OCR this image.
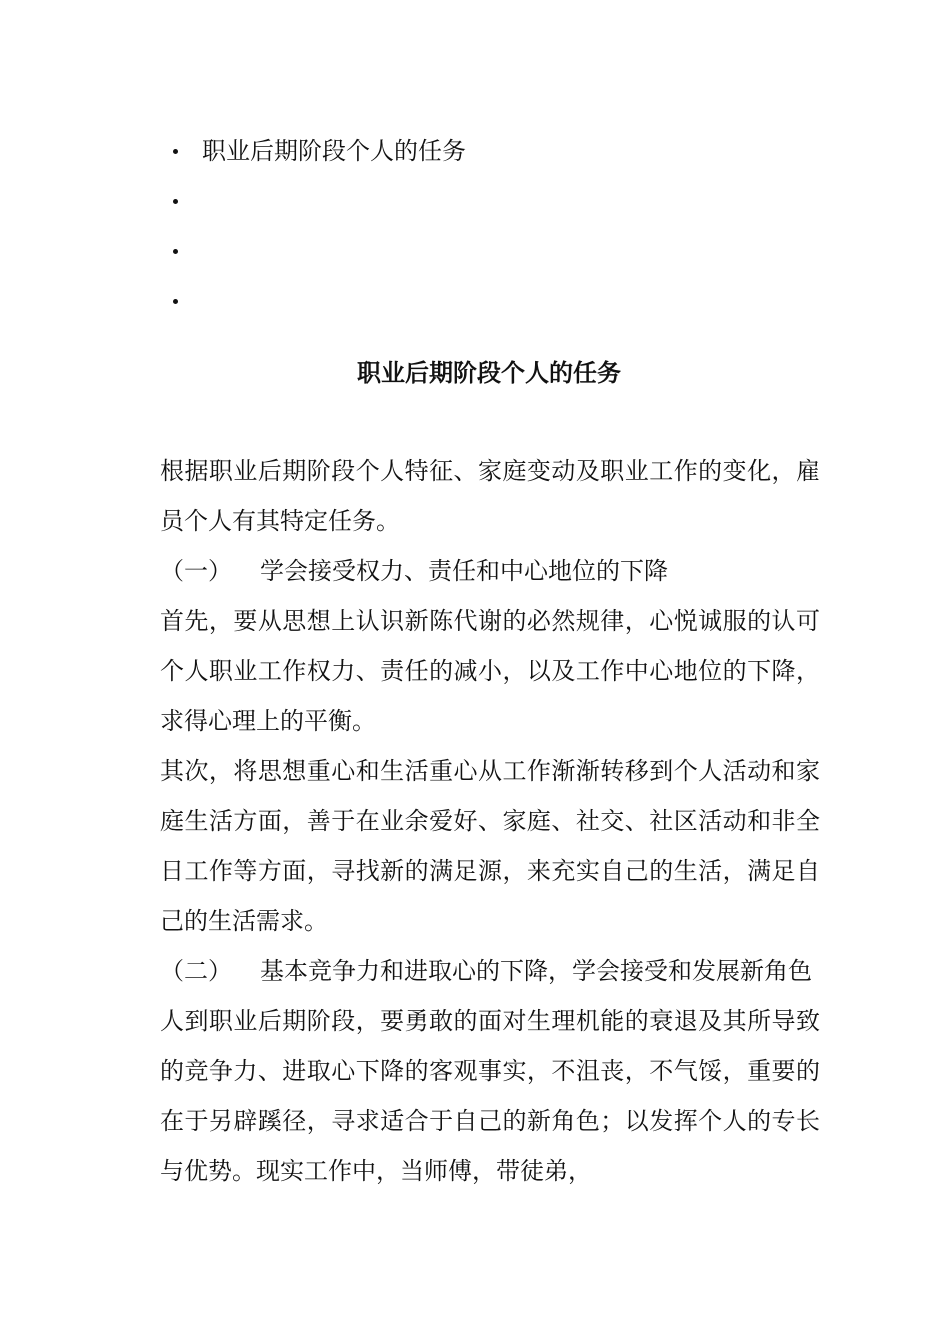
职业后期阶段个人的任务
职业后期阶段个人的任务

根据职业后期阶段个人特征、家庭变动及职业工作的变化，雇员个人有其特定任务。

（一） 学会接受权力、责任和中心地位的下降

首先，要从思想上认识新陈代谢的必然规律，心悦诚服的认可个人职业工作权力、责任的减小，以及工作中心地位的下降，求得心理上的平衡。

其次，将思想重心和生活重心从工作渐渐转移到个人活动和家庭生活方面，善于在业余爱好、家庭、社交、社区活动和非全日工作等方面，寻找新的满足源，来充实自己的生活，满足自己的生活需求。

（二） 基本竞争力和进取心的下降，学会接受和发展新角色

人到职业后期阶段，要勇敢的面对生理机能的衰退及其所导致的竞争力、进取心下降的客观事实，不沮丧，不气馁，重要的在于另辟蹊径，寻求适合于自己的新角色；以发挥个人的专长与优势。现实工作中，当师傅，带徒弟，
